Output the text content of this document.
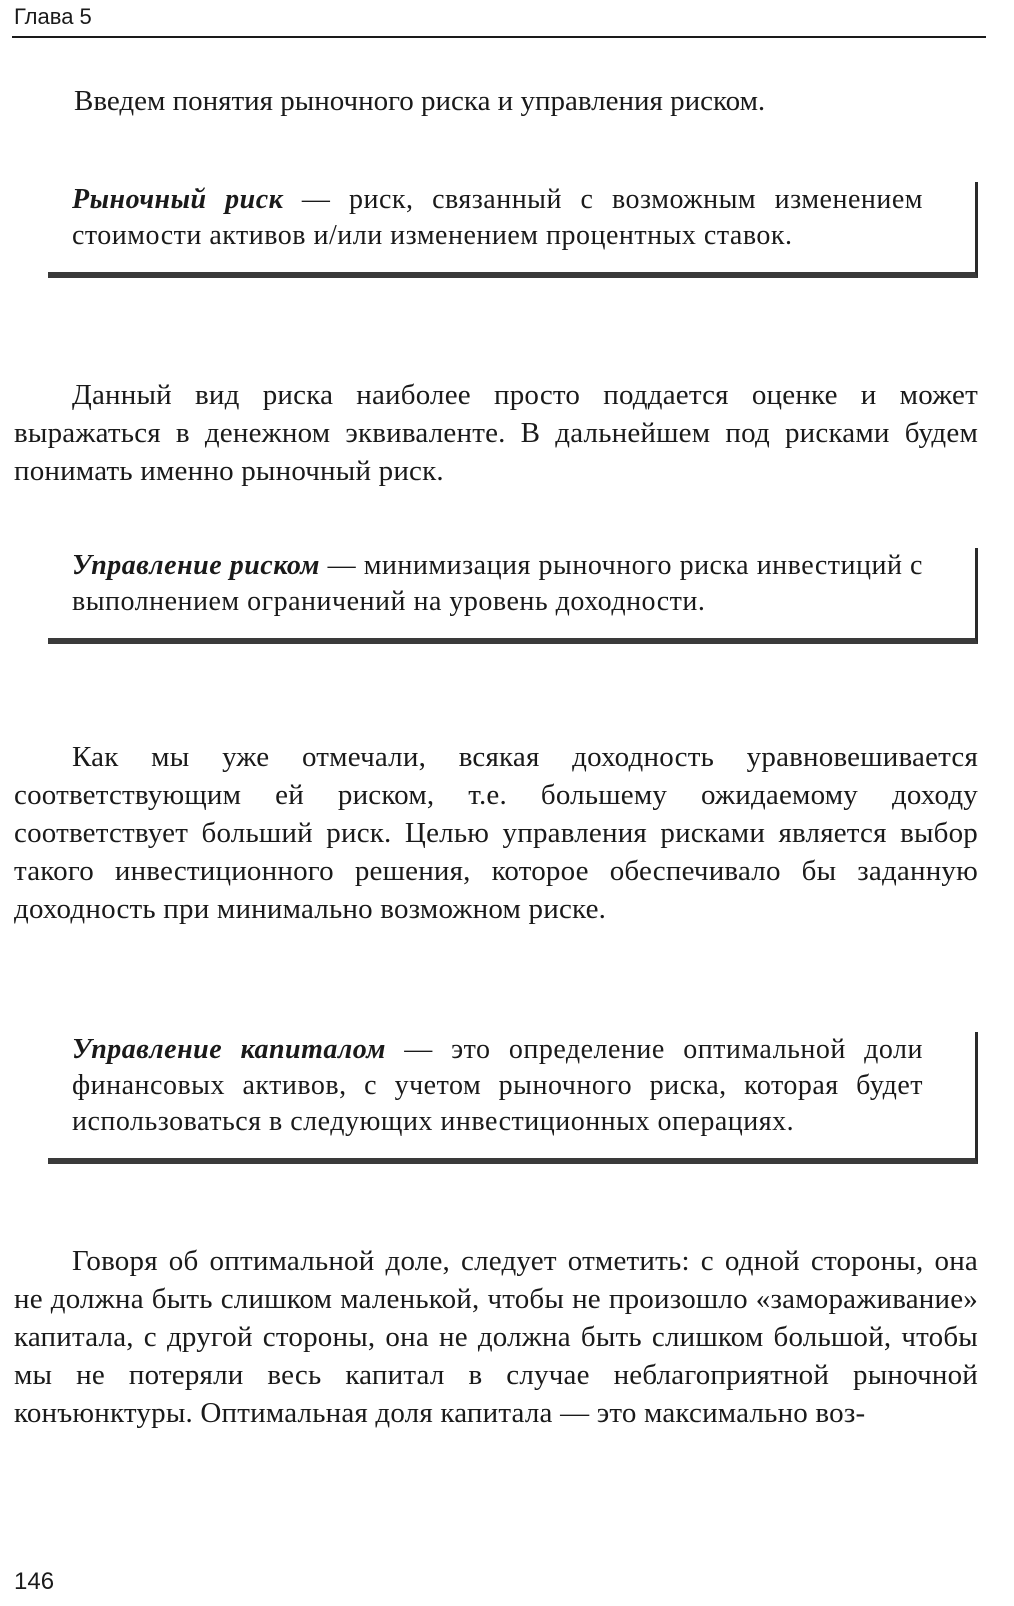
Глава 5

Введем понятия рыночного риска и управления риском.

Рыночный риск — риск, связанный с возможным изменением стоимости активов и/или изменением процентных ставок.

Данный вид риска наиболее просто поддается оценке и может выражаться в денежном эквиваленте. В дальнейшем под рисками будем понимать именно рыночный риск.

Управление риском — минимизация рыночного риска инвестиций с выполнением ограничений на уровень доходности.

Как мы уже отмечали, всякая доходность уравновешивается соответствующим ей риском, т.е. большему ожидаемому доходу соответствует больший риск. Целью управления рисками является выбор такого инвестиционного решения, которое обеспечивало бы заданную доходность при минимально возможном риске.

Управление капиталом — это определение оптимальной доли финансовых активов, с учетом рыночного риска, которая будет использоваться в следующих инвестиционных операциях.

Говоря об оптимальной доле, следует отметить: с одной стороны, она не должна быть слишком маленькой, чтобы не произошло «замораживание» капитала, с другой стороны, она не должна быть слишком большой, чтобы мы не потеряли весь капитал в случае неблагоприятной рыночной конъюнктуры. Оптимальная доля капитала — это максимально воз-

146
